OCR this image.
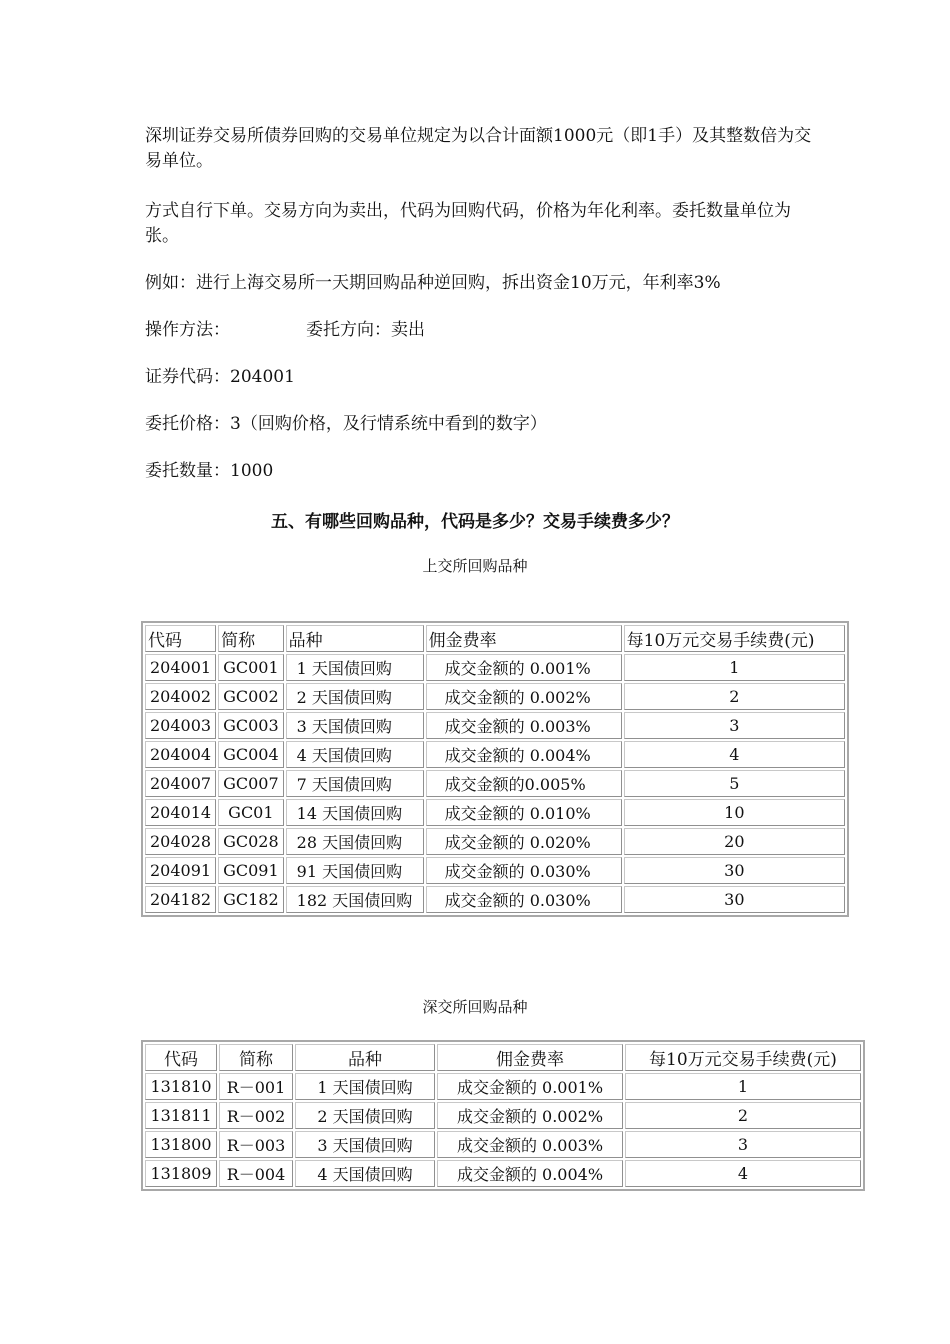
深圳证券交易所债券回购的交易单位规定为以合计面额1000元（即1手）及其整数倍为交易单位。

方式自行下单。交易方向为卖出，代码为回购代码，价格为年化利率。委托数量单位为张。

例如：进行上海交易所一天期回购品种逆回购，拆出资金10万元，年利率3%

操作方法：	委托方向：卖出

证券代码：204001

委托价格：3（回购价格，及行情系统中看到的数字）

委托数量：1000

五、有哪些回购品种，代码是多少？交易手续费多少？
上交所回购品种
代码	简称	品种	佣金费率	每10万元交易手续费(元)
204001	GC001	1 天国债回购	成交金额的 0.001%	1
204002	GC002	2 天国债回购	成交金额的 0.002%	2
204003	GC003	3 天国债回购	成交金额的 0.003%	3
204004	GC004	4 天国债回购	成交金额的 0.004%	4
204007	GC007	7 天国债回购	成交金额的0.005%	5
204014	GC01	14 天国债回购	成交金额的 0.010%	10
204028	GC028	28 天国债回购	成交金额的 0.020%	20
204091	GC091	91 天国债回购	成交金额的 0.030%	30
204182	GC182	182 天国债回购	成交金额的 0.030%	30
深交所回购品种
代码	简称	品种	佣金费率	每10万元交易手续费(元)
131810	R－001	1 天国债回购	成交金额的 0.001%	1
131811	R－002	2 天国债回购	成交金额的 0.002%	2
131800	R－003	3 天国债回购	成交金额的 0.003%	3
131809	R－004	4 天国债回购	成交金额的 0.004%	4
